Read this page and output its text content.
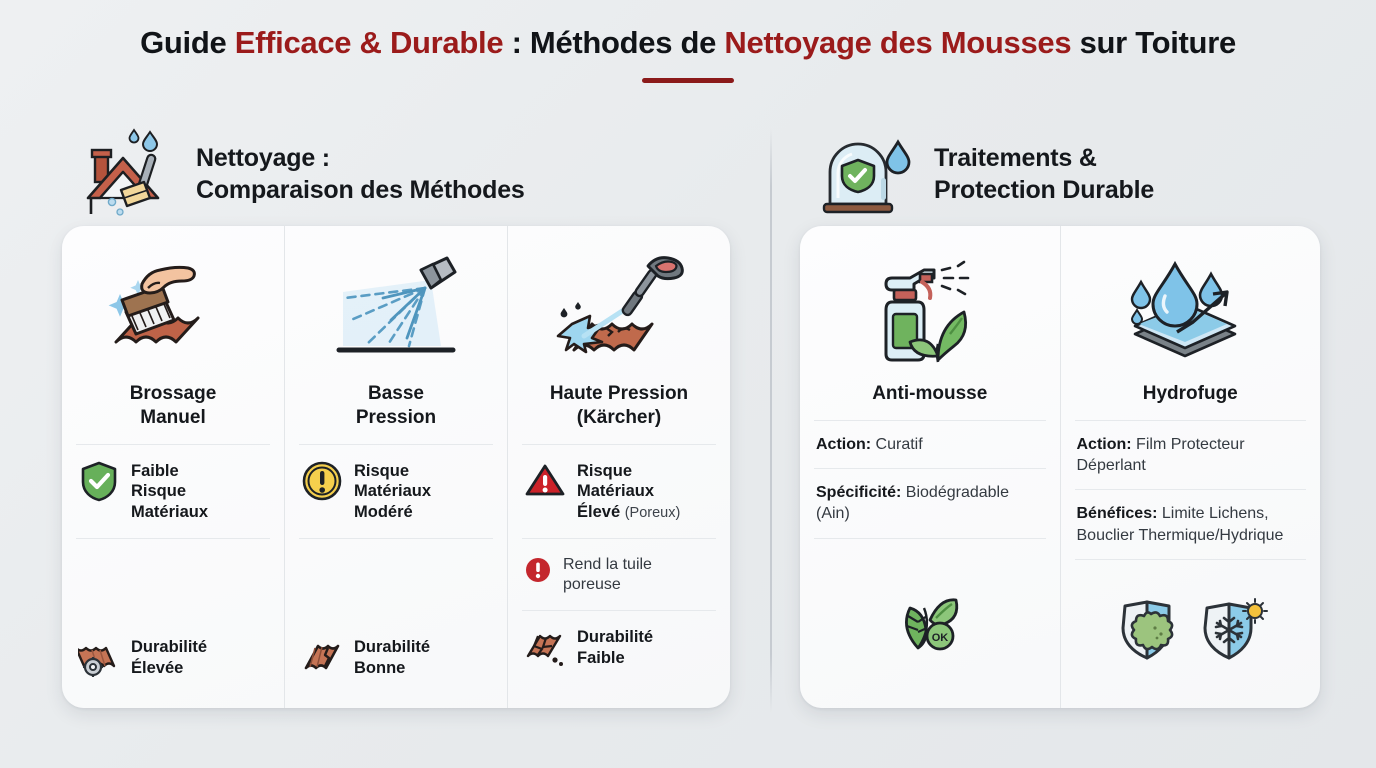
Guide Efficace & Durable : Méthodes de Nettoyage des Mousses sur Toiture
Nettoyage :
Comparaison des Méthodes
Brossage
Manuel
Faible
Risque
Matériaux
Durabilité
Élevée
Basse
Pression
Risque
Matériaux
Modéré
Durabilité
Bonne
Haute Pression
(Kärcher)
Risque
Matériaux
Élevé (Poreux)
Rend la tuile
poreuse
Durabilité
Faible
Traitements &
Protection Durable
Anti-mousse
Action: Curatif
Spécificité: Biodégradable (Ain)
OK
Hydrofuge
Action: Film Protecteur Déperlant
Bénéfices: Limite Lichens, Bouclier Thermique/Hydrique
